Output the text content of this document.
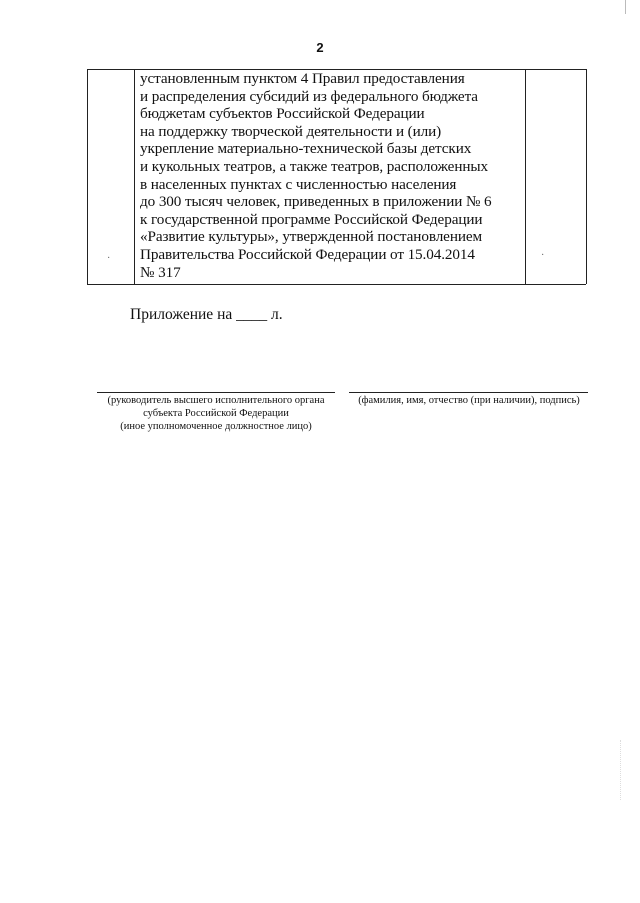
2
установленным пунктом 4 Правил предоставления
и распределения субсидий из федерального бюджета
бюджетам субъектов Российской Федерации
на поддержку творческой деятельности и (или)
укрепление материально-технической базы детских
и кукольных театров, а также театров, расположенных
в населенных пунктах с численностью населения
до 300 тысяч человек, приведенных в приложении № 6
к государственной программе Российской Федерации
«Развитие культуры», утвержденной постановлением
Правительства Российской Федерации от 15.04.2014
№ 317
·	·
Приложение на ____ л.
(руководитель высшего исполнительного органа
субъекта Российской Федерации
(иное уполномоченное должностное лицо)
(фамилия, имя, отчество (при наличии), подпись)
